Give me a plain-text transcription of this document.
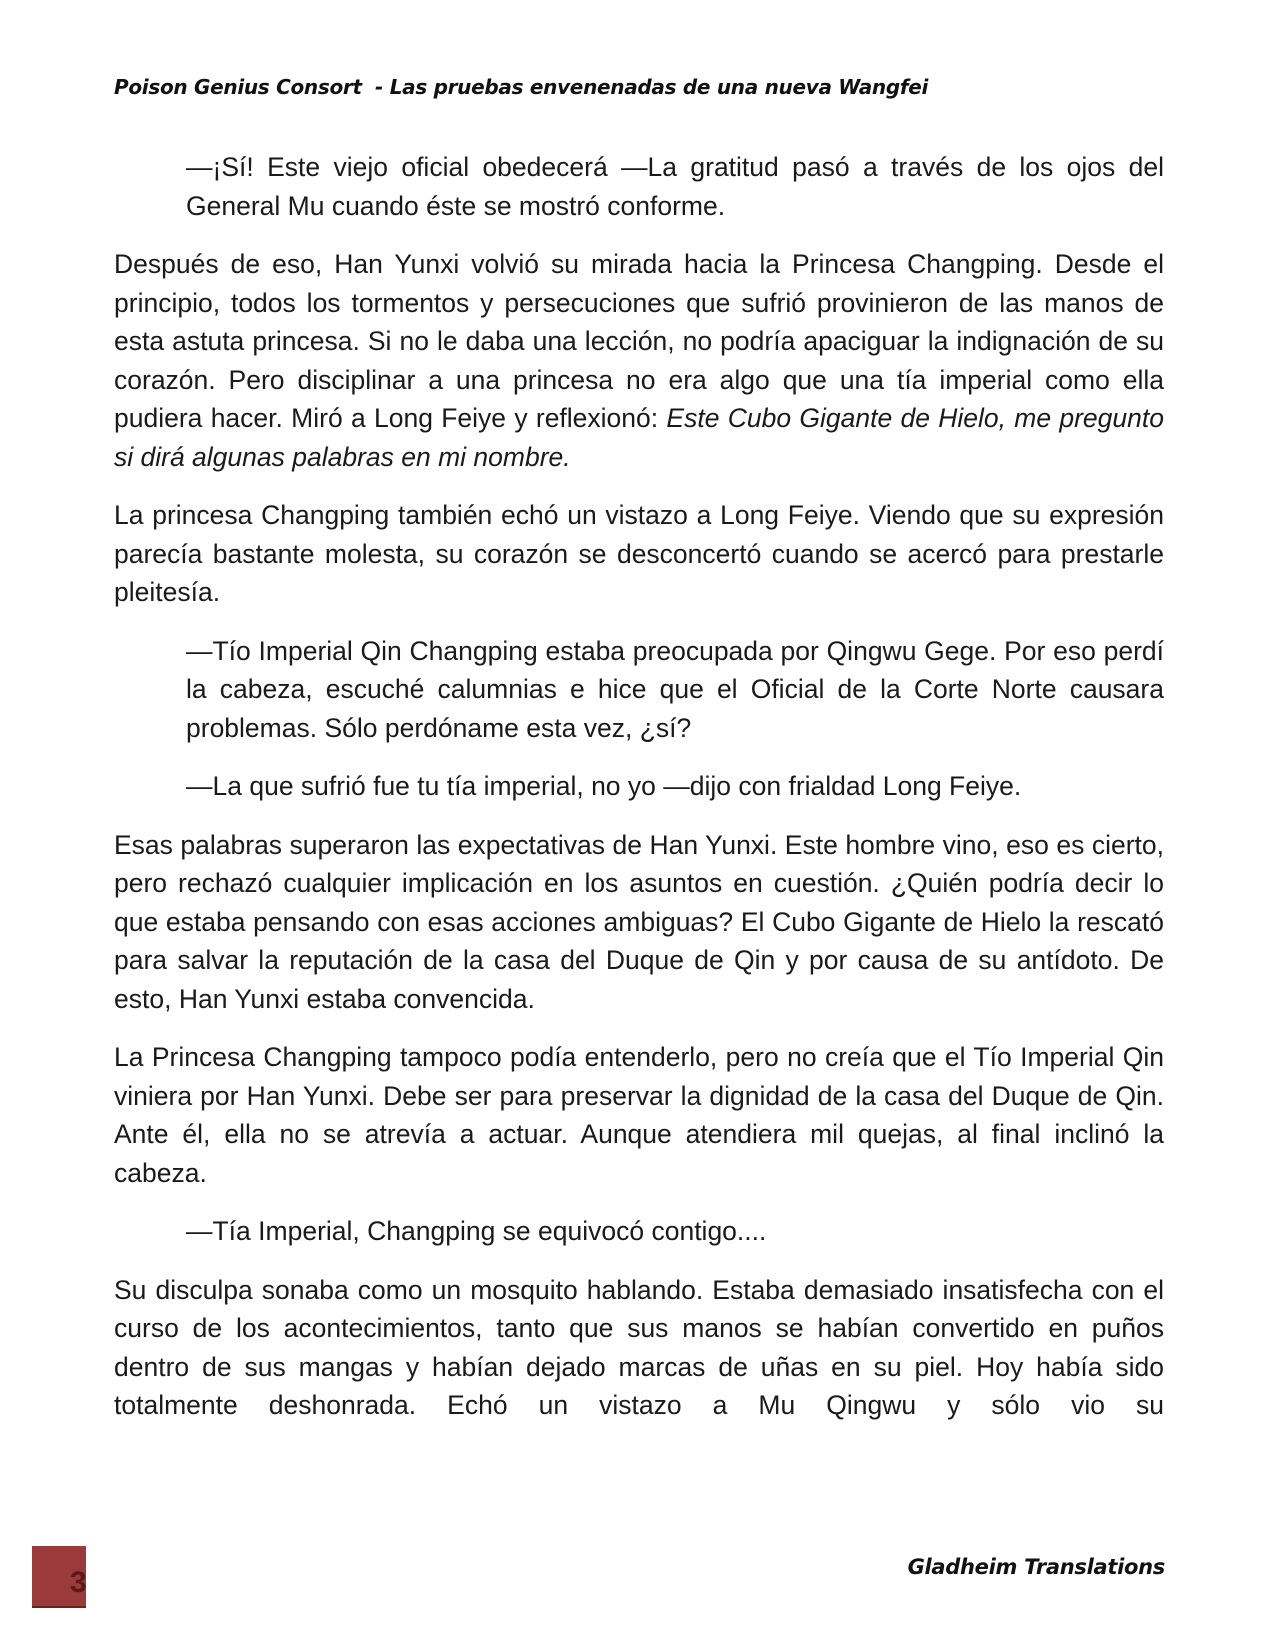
Poison Genius Consort  - Las pruebas envenenadas de una nueva Wangfei

—¡Sí! Este viejo oficial obedecerá —La gratitud pasó a través de los ojos del General Mu cuando éste se mostró conforme.

Después de eso, Han Yunxi volvió su mirada hacia la Princesa Changping. Desde el principio, todos los tormentos y persecuciones que sufrió provinieron de las manos de esta astuta princesa. Si no le daba una lección, no podría apaciguar la indignación de su corazón. Pero disciplinar a una princesa no era algo que una tía imperial como ella pudiera hacer. Miró a Long Feiye y reflexionó: Este Cubo Gigante de Hielo, me pregunto si dirá algunas palabras en mi nombre.

La princesa Changping también echó un vistazo a Long Feiye. Viendo que su expresión parecía bastante molesta, su corazón se desconcertó cuando se acercó para prestarle pleitesía.

—Tío Imperial Qin Changping estaba preocupada por Qingwu Gege. Por eso perdí la cabeza, escuché calumnias e hice que el Oficial de la Corte Norte causara problemas. Sólo perdóname esta vez, ¿sí?

—La que sufrió fue tu tía imperial, no yo —dijo con frialdad Long Feiye.

Esas palabras superaron las expectativas de Han Yunxi. Este hombre vino, eso es cierto, pero rechazó cualquier implicación en los asuntos en cuestión. ¿Quién podría decir lo que estaba pensando con esas acciones ambiguas? El Cubo Gigante de Hielo la rescató para salvar la reputación de la casa del Duque de Qin y por causa de su antídoto. De esto, Han Yunxi estaba convencida.

La Princesa Changping tampoco podía entenderlo, pero no creía que el Tío Imperial Qin viniera por Han Yunxi. Debe ser para preservar la dignidad de la casa del Duque de Qin. Ante él, ella no se atrevía a actuar. Aunque atendiera mil quejas, al final inclinó la cabeza.

—Tía Imperial, Changping se equivocó contigo....

Su disculpa sonaba como un mosquito hablando. Estaba demasiado insatisfecha con el curso de los acontecimientos, tanto que sus manos se habían convertido en puños dentro de sus mangas y habían dejado marcas de uñas en su piel. Hoy había sido totalmente deshonrada. Echó un vistazo a Mu Qingwu y sólo vio su

3	Gladheim Translations
